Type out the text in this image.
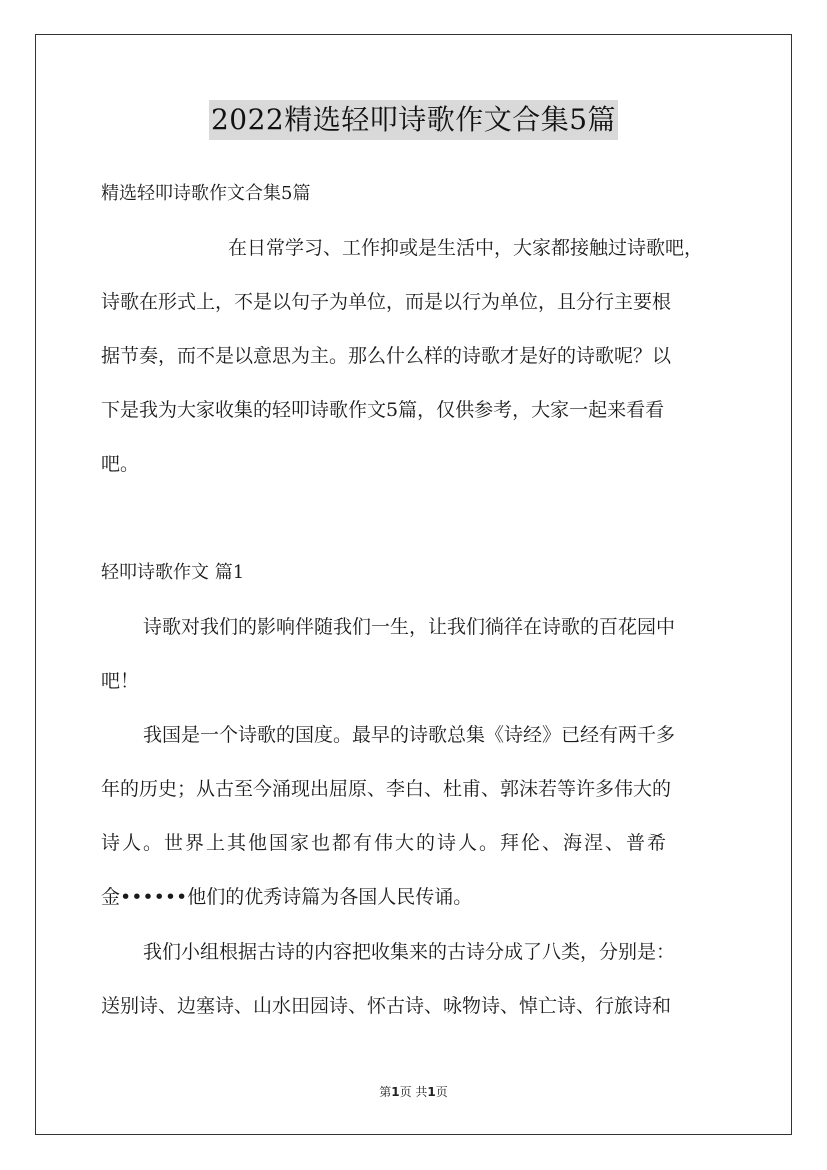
2022精选轻叩诗歌作文合集5篇
精选轻叩诗歌作文合集5篇
在日常学习、工作抑或是生活中，大家都接触过诗歌吧，
诗歌在形式上，不是以句子为单位，而是以行为单位，且分行主要根
据节奏，而不是以意思为主。那么什么样的诗歌才是好的诗歌呢？以
下是我为大家收集的轻叩诗歌作文5篇，仅供参考，大家一起来看看
吧。
轻叩诗歌作文 篇1
诗歌对我们的影响伴随我们一生，让我们徜徉在诗歌的百花园中
吧！
我国是一个诗歌的国度。最早的诗歌总集《诗经》已经有两千多
年的历史；从古至今涌现出屈原、李白、杜甫、郭沫若等许多伟大的
诗人。世界上其他国家也都有伟大的诗人。拜伦、海涅、普希
金••••••他们的优秀诗篇为各国人民传诵。
我们小组根据古诗的内容把收集来的古诗分成了八类，分别是：
送别诗、边塞诗、山水田园诗、怀古诗、咏物诗、悼亡诗、行旅诗和
第1页 共1页
